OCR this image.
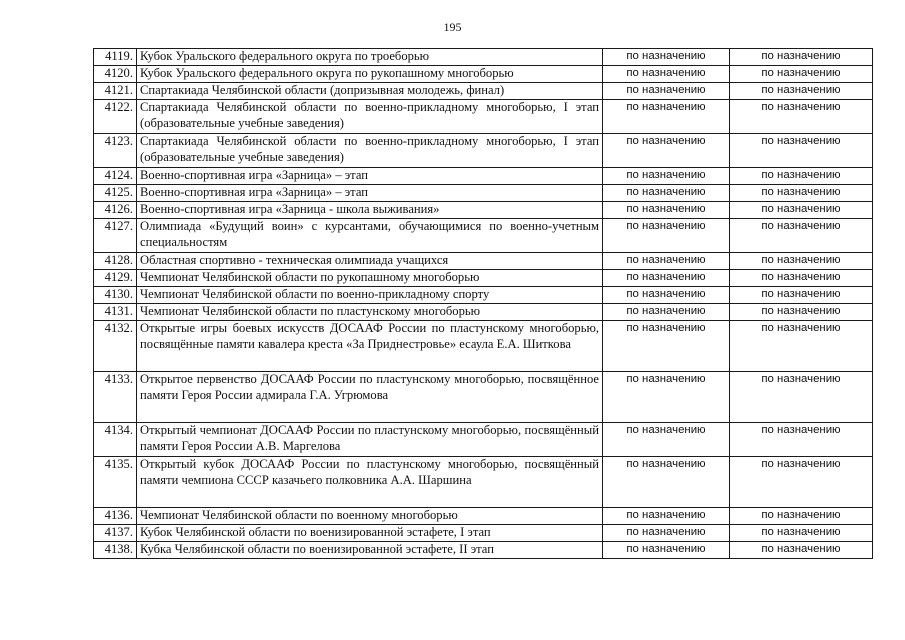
195
4119.	Кубок Уральского федерального округа по троеборью	по назначению	по назначению
4120.	Кубок Уральского федерального округа по рукопашному многоборью	по назначению	по назначению
4121.	Спартакиада Челябинской области (допризывная молодежь, финал)	по назначению	по назначению
4122.	Спартакиада Челябинской области по военно-прикладному многоборью, I этап (образовательные учебные заведения)	по назначению	по назначению
4123.	Спартакиада Челябинской области по военно-прикладному многоборью, I этап (образовательные учебные заведения)	по назначению	по назначению
4124.	Военно-спортивная игра «Зарница» – этап	по назначению	по назначению
4125.	Военно-спортивная игра «Зарница» – этап	по назначению	по назначению
4126.	Военно-спортивная игра «Зарница - школа выживания»	по назначению	по назначению
4127.	Олимпиада «Будущий воин» с курсантами, обучающимися по военно-учетным специальностям	по назначению	по назначению
4128.	Областная спортивно - техническая олимпиада учащихся	по назначению	по назначению
4129.	Чемпионат Челябинской области по рукопашному многоборью	по назначению	по назначению
4130.	Чемпионат Челябинской области по военно-прикладному спорту	по назначению	по назначению
4131.	Чемпионат Челябинской области по пластунскому многоборью	по назначению	по назначению
4132.	Открытые игры боевых искусств ДОСААФ России по пластунскому многоборью, посвящённые памяти кавалера креста «За Приднестровье» есаула Е.А. Шиткова	по назначению	по назначению
4133.	Открытое первенство ДОСААФ России по пластунскому многоборью, посвящённое памяти Героя России адмирала Г.А. Угрюмова	по назначению	по назначению
4134.	Открытый чемпионат ДОСААФ России по пластунскому многоборью, посвящённый памяти Героя России А.В. Маргелова	по назначению	по назначению
4135.	Открытый кубок ДОСААФ России по пластунскому многоборью, посвящённый памяти чемпиона СССР казачьего полковника А.А. Шаршина	по назначению	по назначению
4136.	Чемпионат Челябинской области по военному многоборью	по назначению	по назначению
4137.	Кубок Челябинской области по военизированной эстафете, I этап	по назначению	по назначению
4138.	Кубка Челябинской области по военизированной эстафете, II этап	по назначению	по назначению
